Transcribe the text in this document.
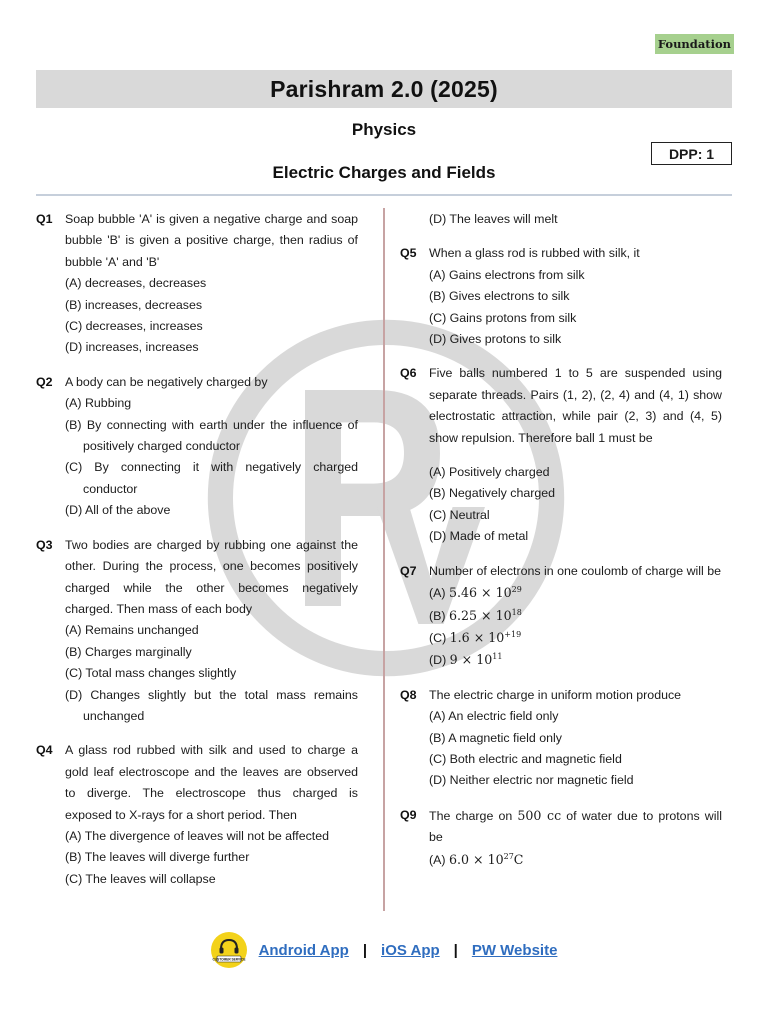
Foundation
Parishram 2.0 (2025)
Physics
DPP: 1
Electric Charges and Fields
Q1	Soap bubble 'A' is given a negative charge and soap bubble 'B' is given a positive charge, then radius of bubble 'A' and 'B'
(A) decreases, decreases
(B) increases, decreases
(C) decreases, increases
(D) increases, increases
Q2	A body can be negatively charged by
(A) Rubbing
(B) By connecting with earth under the influence of positively charged conductor
(C) By connecting it with negatively charged conductor
(D) All of the above
Q3	Two bodies are charged by rubbing one against the other. During the process, one becomes positively charged while the other becomes negatively charged. Then mass of each body
(A) Remains unchanged
(B) Charges marginally
(C) Total mass changes slightly
(D) Changes slightly but the total mass remains unchanged
Q4	A glass rod rubbed with silk and used to charge a gold leaf electroscope and the leaves are observed to diverge. The electroscope thus charged is exposed to X-rays for a short period. Then
(A) The divergence of leaves will not be affected
(B) The leaves will diverge further
(C) The leaves will collapse
(D) The leaves will melt
Q5	When a glass rod is rubbed with silk, it
(A) Gains electrons from silk
(B) Gives electrons to silk
(C) Gains protons from silk
(D) Gives protons to silk
Q6	Five balls numbered 1 to 5 are suspended using separate threads. Pairs (1, 2), (2, 4) and (4, 1) show electrostatic attraction, while pair (2, 3) and (4, 5) show repulsion. Therefore ball 1 must be
(A) Positively charged
(B) Negatively charged
(C) Neutral
(D) Made of metal
Q7	Number of electrons in one coulomb of charge will be
(A) $5.46 \times 10^{29}$
(B) $6.25 \times 10^{18}$
(C) $1.6 \times 10^{+19}$
(D) $9 \times 10^{11}$
Q8	The electric charge in uniform motion produce
(A) An electric field only
(B) A magnetic field only
(C) Both electric and magnetic field
(D) Neither electric nor magnetic field
Q9	The charge on 500 cc of water due to protons will be
(A) $6.0 \times 10^{27}C$
CUSTOMER SERVICE
Android App | iOS App | PW Website
